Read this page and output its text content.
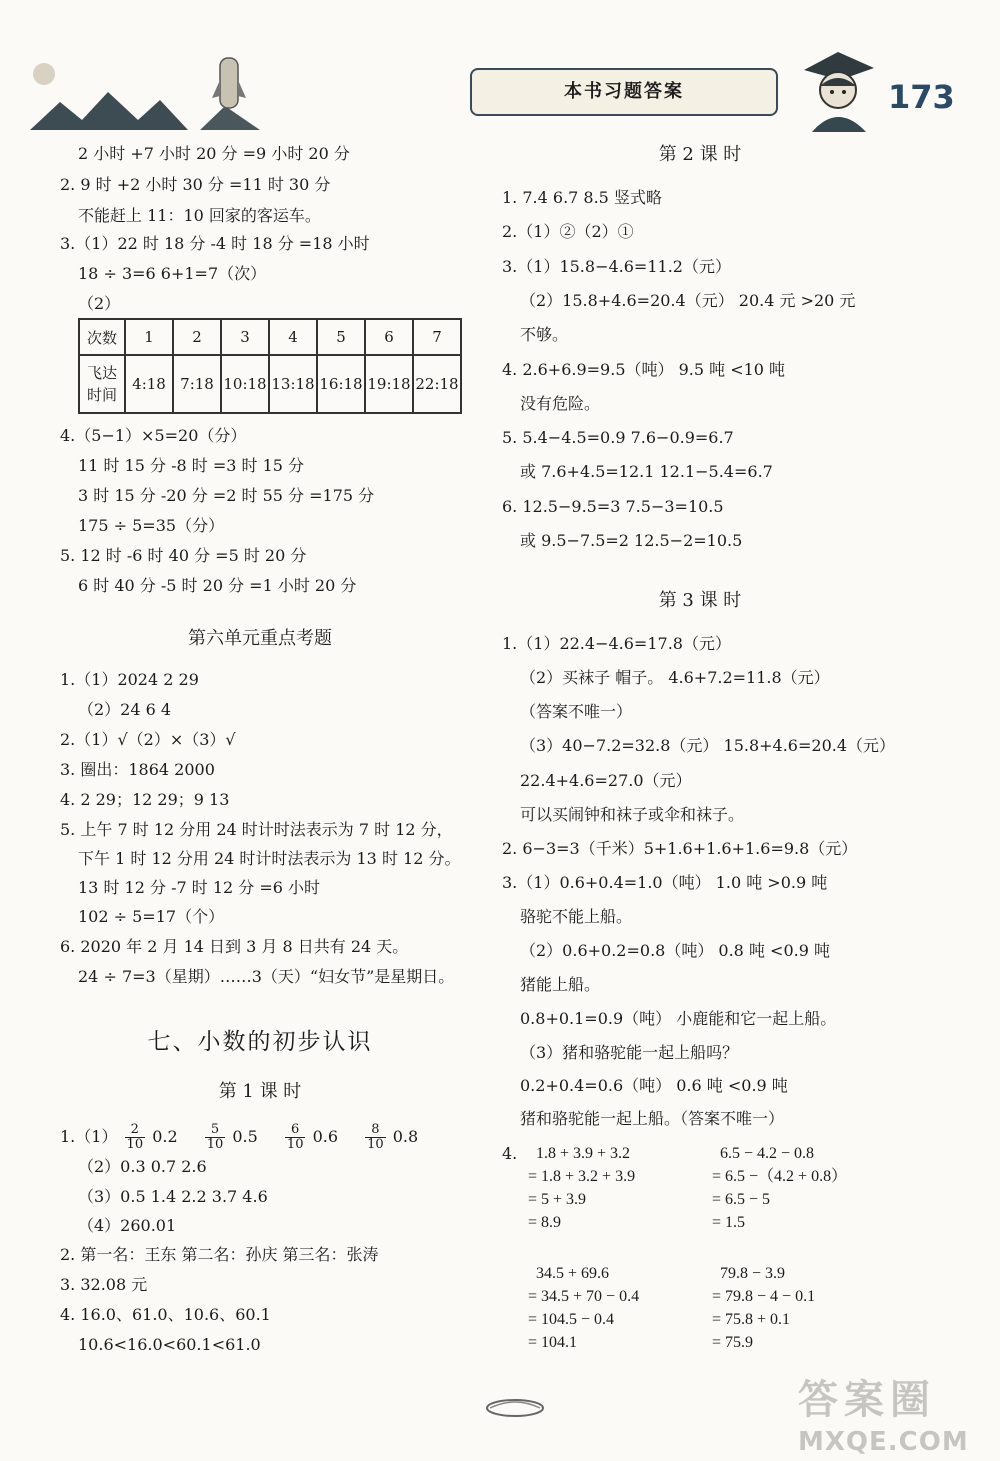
本书习题答案	173
2 小时 +7 小时 20 分 =9 小时 20 分
2. 9 时 +2 小时 30 分 =11 时 30 分
不能赶上 11：10 回家的客运车。
3.（1）22 时 18 分 -4 时 18 分 =18 小时
18 ÷ 3=6 6+1=7（次）
（2）
次数	1	2	3	4	5	6	7
飞达时间	4:18	7:18	10:18	13:18	16:18	19:18	22:18
4.（5−1）×5=20（分）
11 时 15 分 -8 时 =3 时 15 分
3 时 15 分 -20 分 =2 时 55 分 =175 分
175 ÷ 5=35（分）
5. 12 时 -6 时 40 分 =5 时 20 分
6 时 40 分 -5 时 20 分 =1 小时 20 分
第六单元重点考题
1.（1）2024 2 29
（2）24 6 4
2.（1）√（2）×（3）√
3. 圈出：1864 2000
4. 2 29；12 29；9 13
5. 上午 7 时 12 分用 24 时计时法表示为 7 时 12 分，
下午 1 时 12 分用 24 时计时法表示为 13 时 12 分。
13 时 12 分 -7 时 12 分 =6 小时
102 ÷ 5=17（个）
6. 2020 年 2 月 14 日到 3 月 8 日共有 24 天。
24 ÷ 7=3（星期）……3（天）“妇女节”是星期日。
七、小数的初步认识
第 1 课 时
$1.(1) \frac{2}{10} 0.2 \frac{5}{10} 0.5 \frac{6}{10} 0.6 \frac{8}{10} 0.8$
（2）0.3 0.7 2.6
（3）0.5 1.4 2.2 3.7 4.6
（4）260.01
2. 第一名：王东 第二名：孙庆 第三名：张涛
3. 32.08 元
4. 16.0、61.0、10.6、60.1
10.6<16.0<60.1<61.0
第 2 课 时
1. 7.4 6.7 8.5 竖式略
2.（1）②（2）①
3.（1）15.8−4.6=11.2（元）
（2）15.8+4.6=20.4（元） 20.4 元 >20 元
不够。
4. 2.6+6.9=9.5（吨） 9.5 吨 <10 吨
没有危险。
5. 5.4−4.5=0.9 7.6−0.9=6.7
或 7.6+4.5=12.1 12.1−5.4=6.7
6. 12.5−9.5=3 7.5−3=10.5
或 9.5−7.5=2 12.5−2=10.5
第 3 课 时
1.（1）22.4−4.6=17.8（元）
（2）买袜子 帽子。 4.6+7.2=11.8（元）
（答案不唯一）
（3）40−7.2=32.8（元） 15.8+4.6=20.4（元）
22.4+4.6=27.0（元）
可以买闹钟和袜子或伞和袜子。
2. 6−3=3（千米）5+1.6+1.6+1.6=9.8（元）
3.（1）0.6+0.4=1.0（吨） 1.0 吨 >0.9 吨
骆驼不能上船。
（2）0.6+0.2=0.8（吨） 0.8 吨 <0.9 吨
猪能上船。
0.8+0.1=0.9（吨） 小鹿能和它一起上船。
（3）猪和骆驼能一起上船吗？
0.2+0.4=0.6（吨） 0.6 吨 <0.9 吨
猪和骆驼能一起上船。（答案不唯一）
4.	1.8 + 3.9 + 3.2
= 1.8 + 3.2 + 3.9
= 5 + 3.9
= 8.9
6.5 − 4.2 − 0.8
= 6.5 −（4.2 + 0.8）
= 6.5 − 5
= 1.5
34.5 + 69.6
= 34.5 + 70 − 0.4
= 104.5 − 0.4
= 104.1
79.8 − 3.9
= 79.8 − 4 − 0.1
= 75.8 + 0.1
= 75.9
答案圈
MXQE.COM
